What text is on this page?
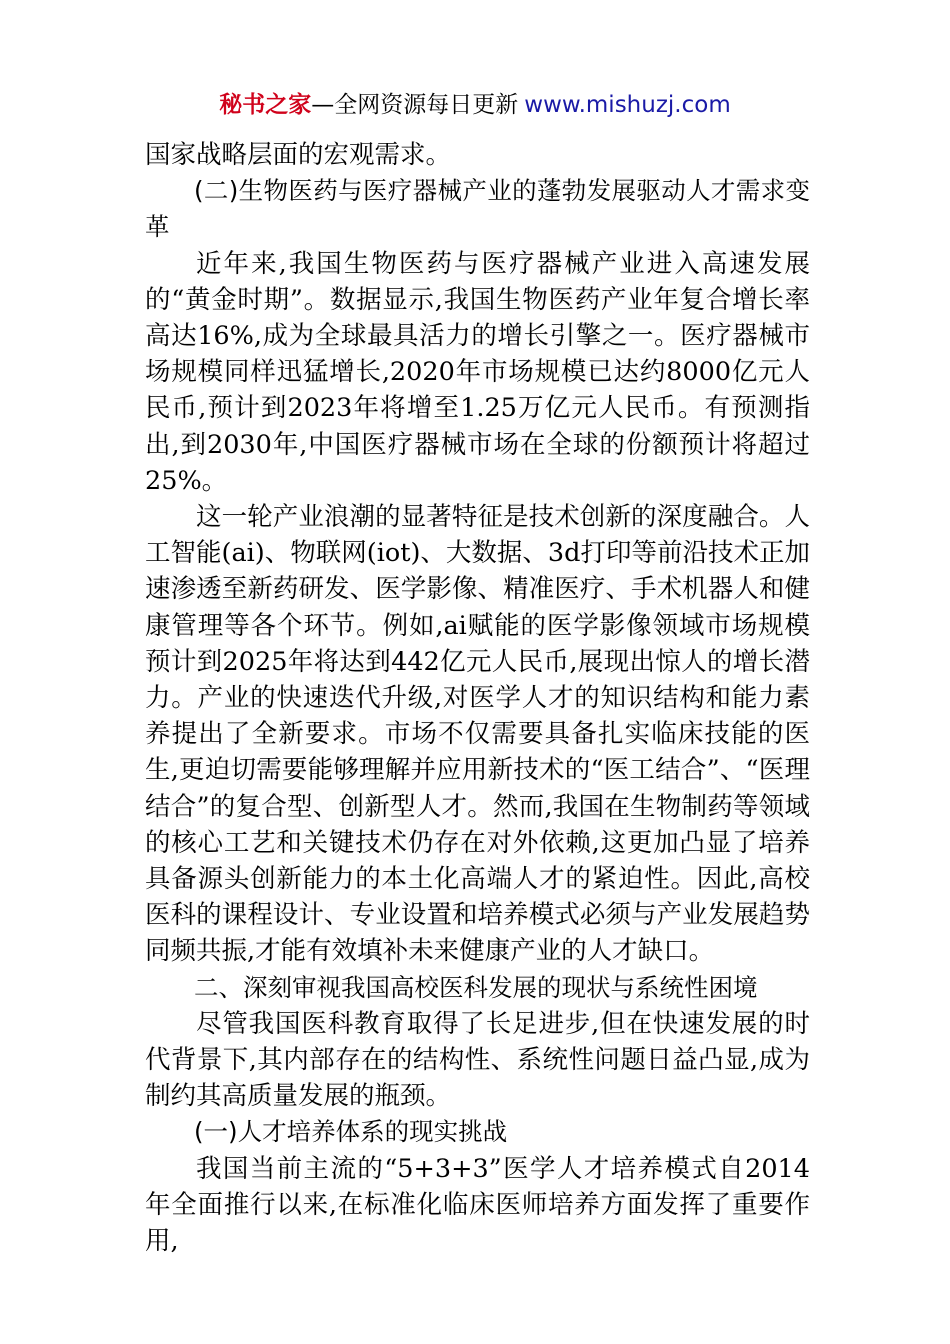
秘书之家—全网资源每日更新 www.mishuzj.com

国家战略层面的宏观需求。

(二)生物医药与医疗器械产业的蓬勃发展驱动人才需求变革

近年来,我国生物医药与医疗器械产业进入高速发展的“黄金时期”。数据显示,我国生物医药产业年复合增长率高达16%,成为全球最具活力的增长引擎之一。医疗器械市场规模同样迅猛增长,2020年市场规模已达约8000亿元人民币,预计到2023年将增至1.25万亿元人民币。有预测指出,到2030年,中国医疗器械市场在全球的份额预计将超过25%。

这一轮产业浪潮的显著特征是技术创新的深度融合。人工智能(ai)、物联网(iot)、大数据、3d打印等前沿技术正加速渗透至新药研发、医学影像、精准医疗、手术机器人和健康管理等各个环节。例如,ai赋能的医学影像领域市场规模预计到2025年将达到442亿元人民币,展现出惊人的增长潜力。产业的快速迭代升级,对医学人才的知识结构和能力素养提出了全新要求。市场不仅需要具备扎实临床技能的医生,更迫切需要能够理解并应用新技术的“医工结合”、“医理结合”的复合型、创新型人才。然而,我国在生物制药等领域的核心工艺和关键技术仍存在对外依赖,这更加凸显了培养具备源头创新能力的本土化高端人才的紧迫性。因此,高校医科的课程设计、专业设置和培养模式必须与产业发展趋势同频共振,才能有效填补未来健康产业的人才缺口。

二、深刻审视我国高校医科发展的现状与系统性困境

尽管我国医科教育取得了长足进步,但在快速发展的时代背景下,其内部存在的结构性、系统性问题日益凸显,成为制约其高质量发展的瓶颈。

(一)人才培养体系的现实挑战

我国当前主流的“5+3+3”医学人才培养模式自2014年全面推行以来,在标准化临床医师培养方面发挥了重要作用,
